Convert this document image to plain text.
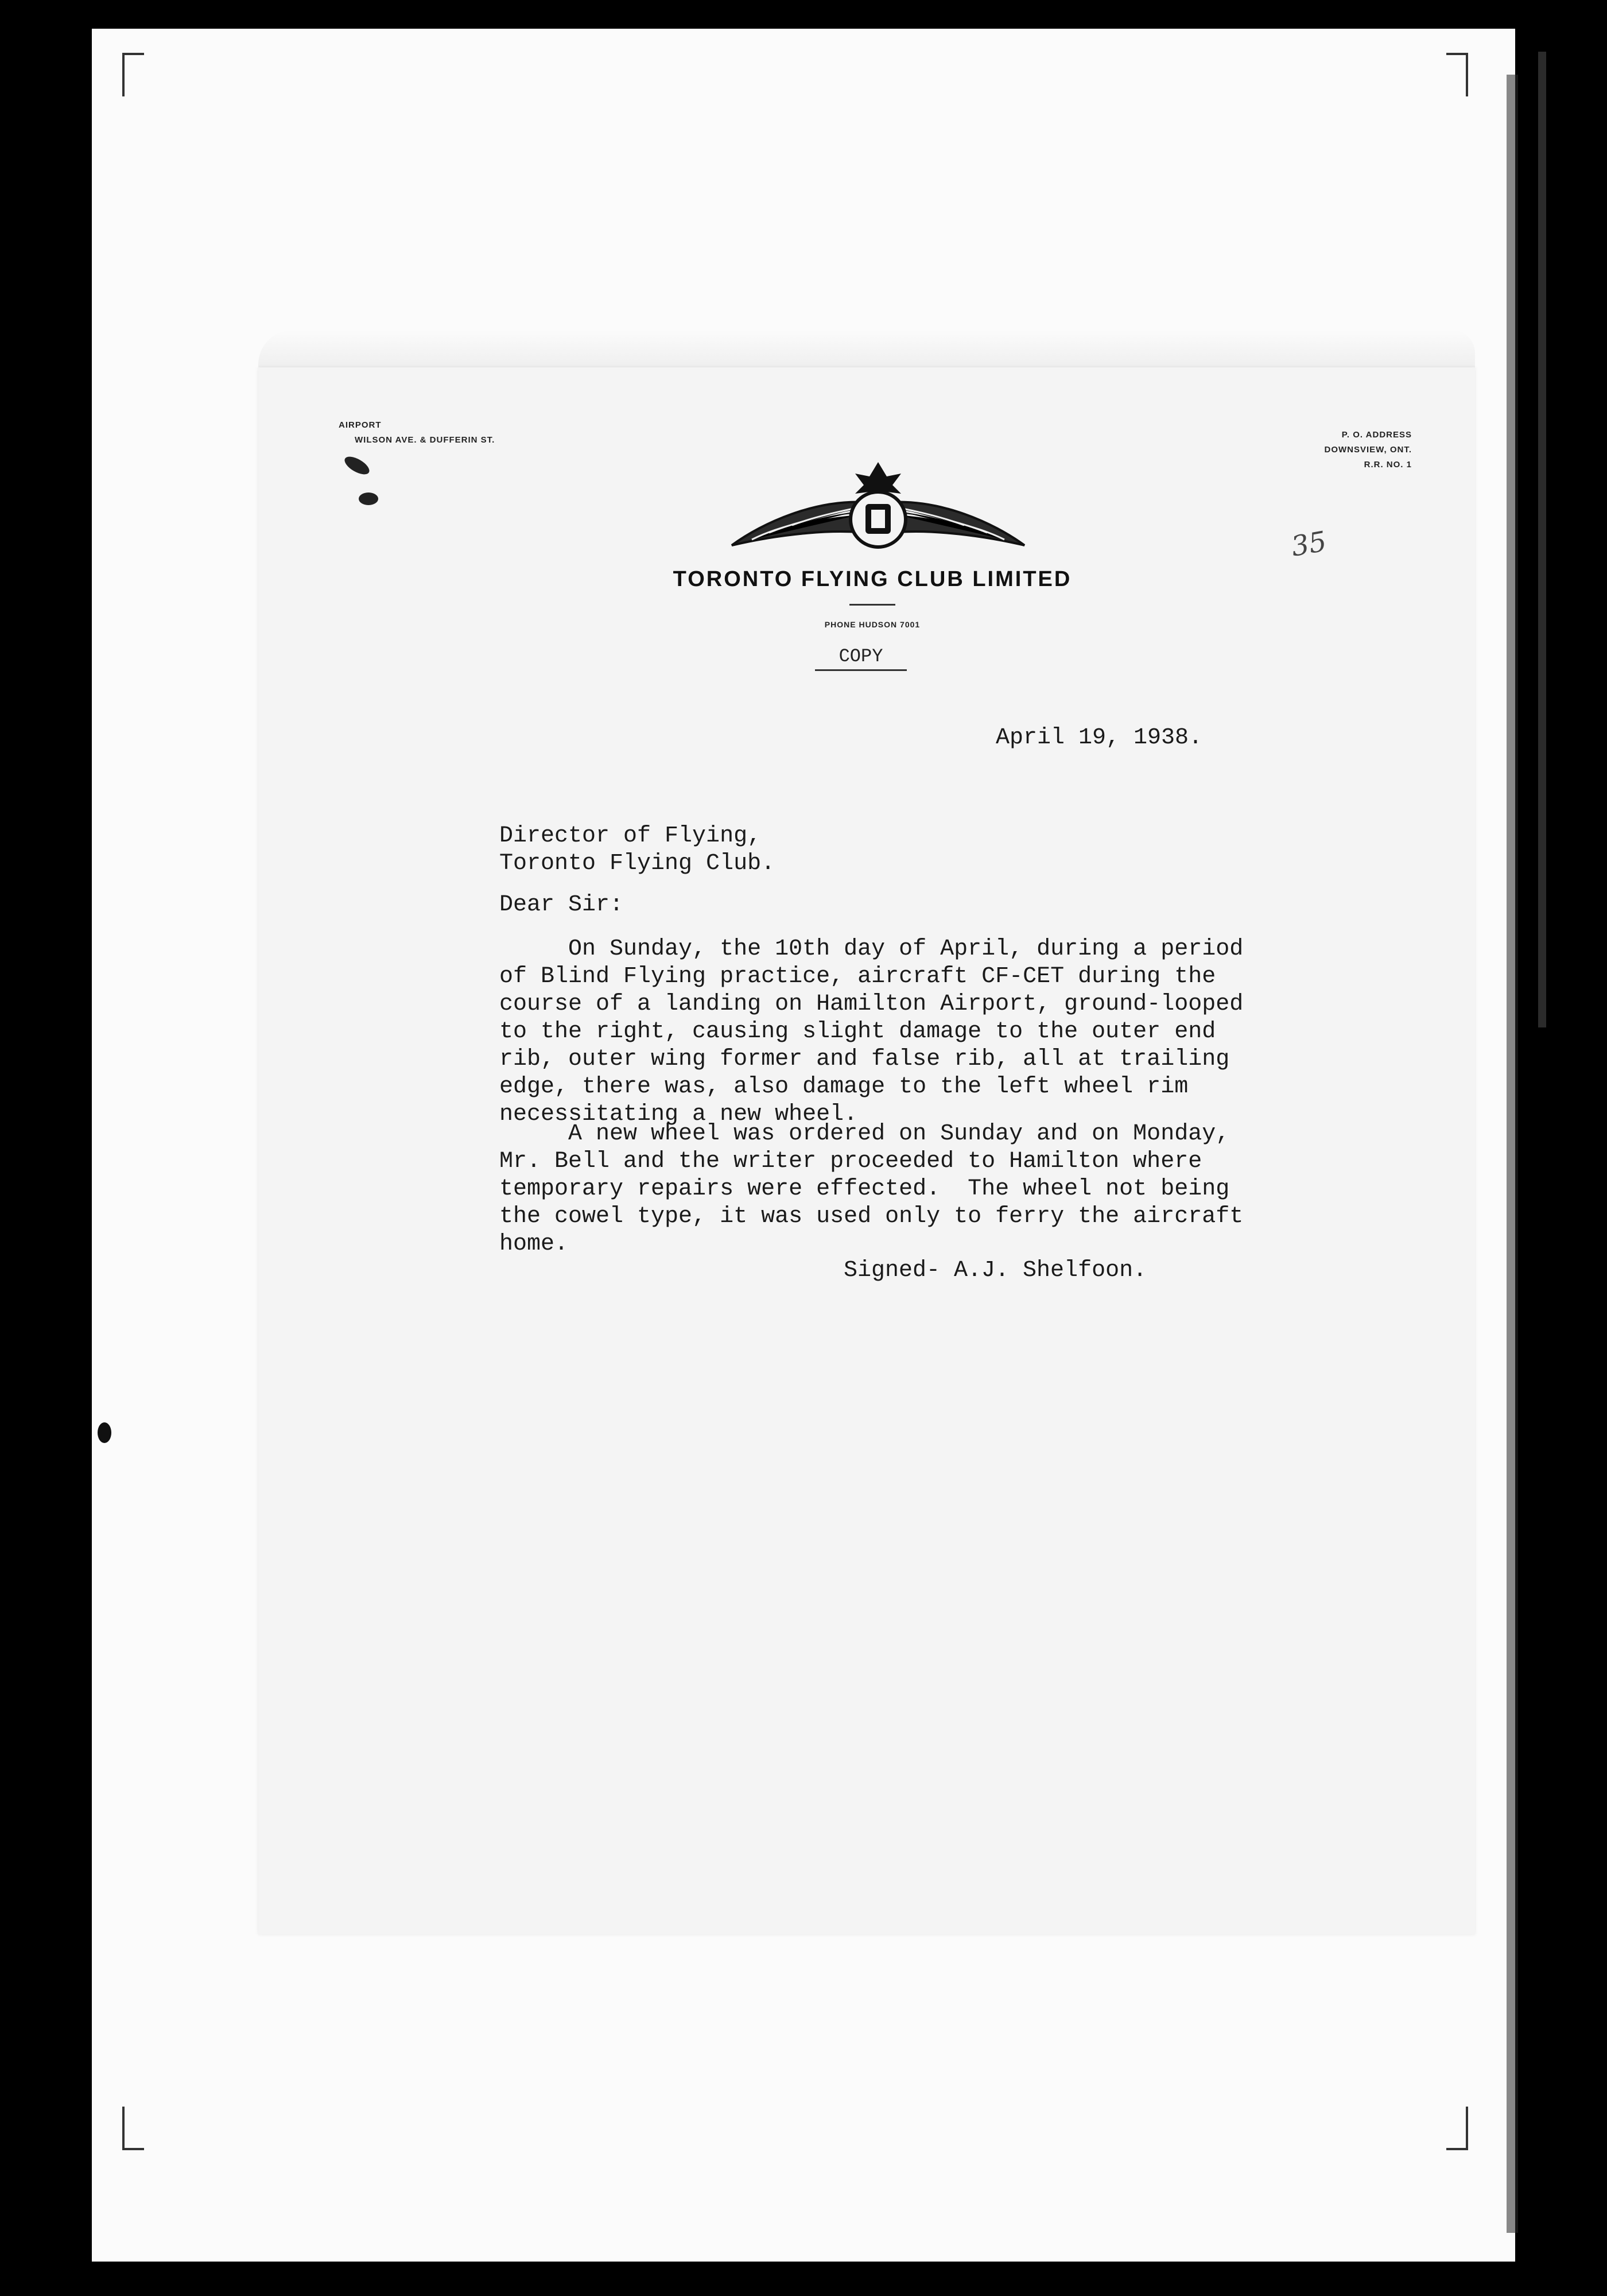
AIRPORT
WILSON AVE. & DUFFERIN ST.
P. O. ADDRESS
DOWNSVIEW, ONT.
R.R. NO. 1
TORONTO FLYING CLUB LIMITED
PHONE HUDSON 7001
COPY
35
April 19, 1938.
Director of Flying,
Toronto Flying Club.
Dear Sir:
On Sunday, the 10th day of April, during a period
of Blind Flying practice, aircraft CF-CET during the
course of a landing on Hamilton Airport, ground-looped
to the right, causing slight damage to the outer end
rib, outer wing former and false rib, all at trailing
edge, there was, also damage to the left wheel rim
necessitating a new wheel.
A new wheel was ordered on Sunday and on Monday,
Mr. Bell and the writer proceeded to Hamilton where
temporary repairs were effected.  The wheel not being
the cowel type, it was used only to ferry the aircraft
home.
Signed- A.J. Shelfoon.
